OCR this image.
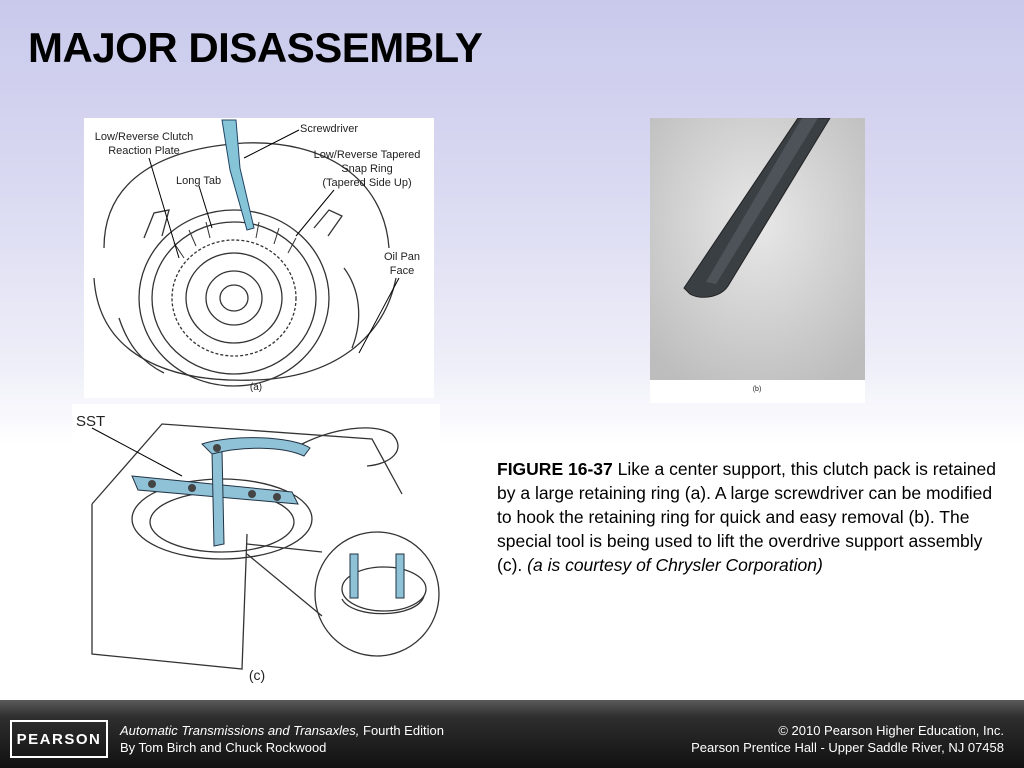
MAJOR DISASSEMBLY
Low/Reverse Clutch
Reaction Plate
Long Tab
Screwdriver
Low/Reverse Tapered
Snap Ring
(Tapered Side Up)
Oil Pan
Face
(a)	(b)
SST
(c)
FIGURE 16-37 Like a center support, this clutch pack is retained by a large retaining ring (a). A large screwdriver can be modified to hook the retaining ring for quick and easy removal (b). The special tool is being used to lift the overdrive support assembly (c). (a is courtesy of Chrysler Corporation)
PEARSON	Automatic Transmissions and Transaxles, Fourth Edition
By Tom Birch and Chuck Rockwood
© 2010 Pearson Higher Education, Inc.
Pearson Prentice Hall - Upper Saddle River, NJ 07458
